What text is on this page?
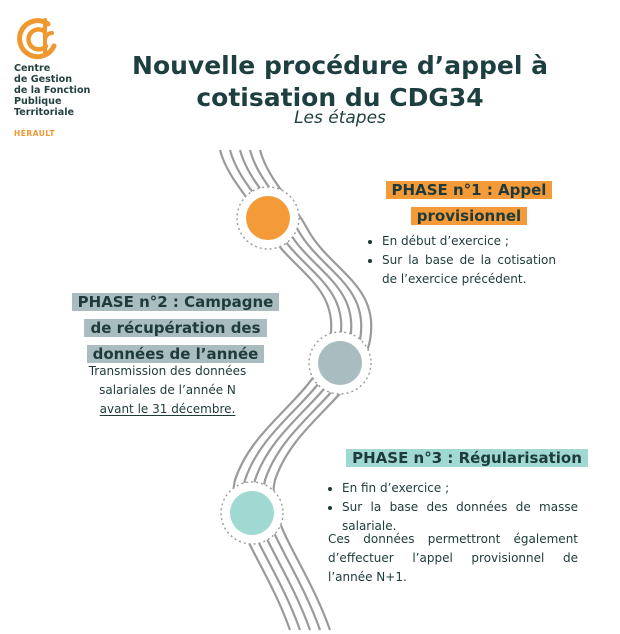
Centre
de Gestion
de la Fonction
Publique
Territoriale
HÉRAULT
Nouvelle procédure d’appel à
cotisation du CDG34
Les étapes
PHASE n°1 : Appel
provisionnel
• En début d’exercice ;
• Sur la base de la cotisation de l’exercice précédent.
PHASE n°2 : Campagne
de récupération des
données de l’année
Transmission des données
salariales de l’année N
avant le 31 décembre.
PHASE n°3 : Régularisation
• En fin d’exercice ;
• Sur la base des données de masse salariale.
Ces données permettront également d’effectuer l’appel provisionnel de l’année N+1.
